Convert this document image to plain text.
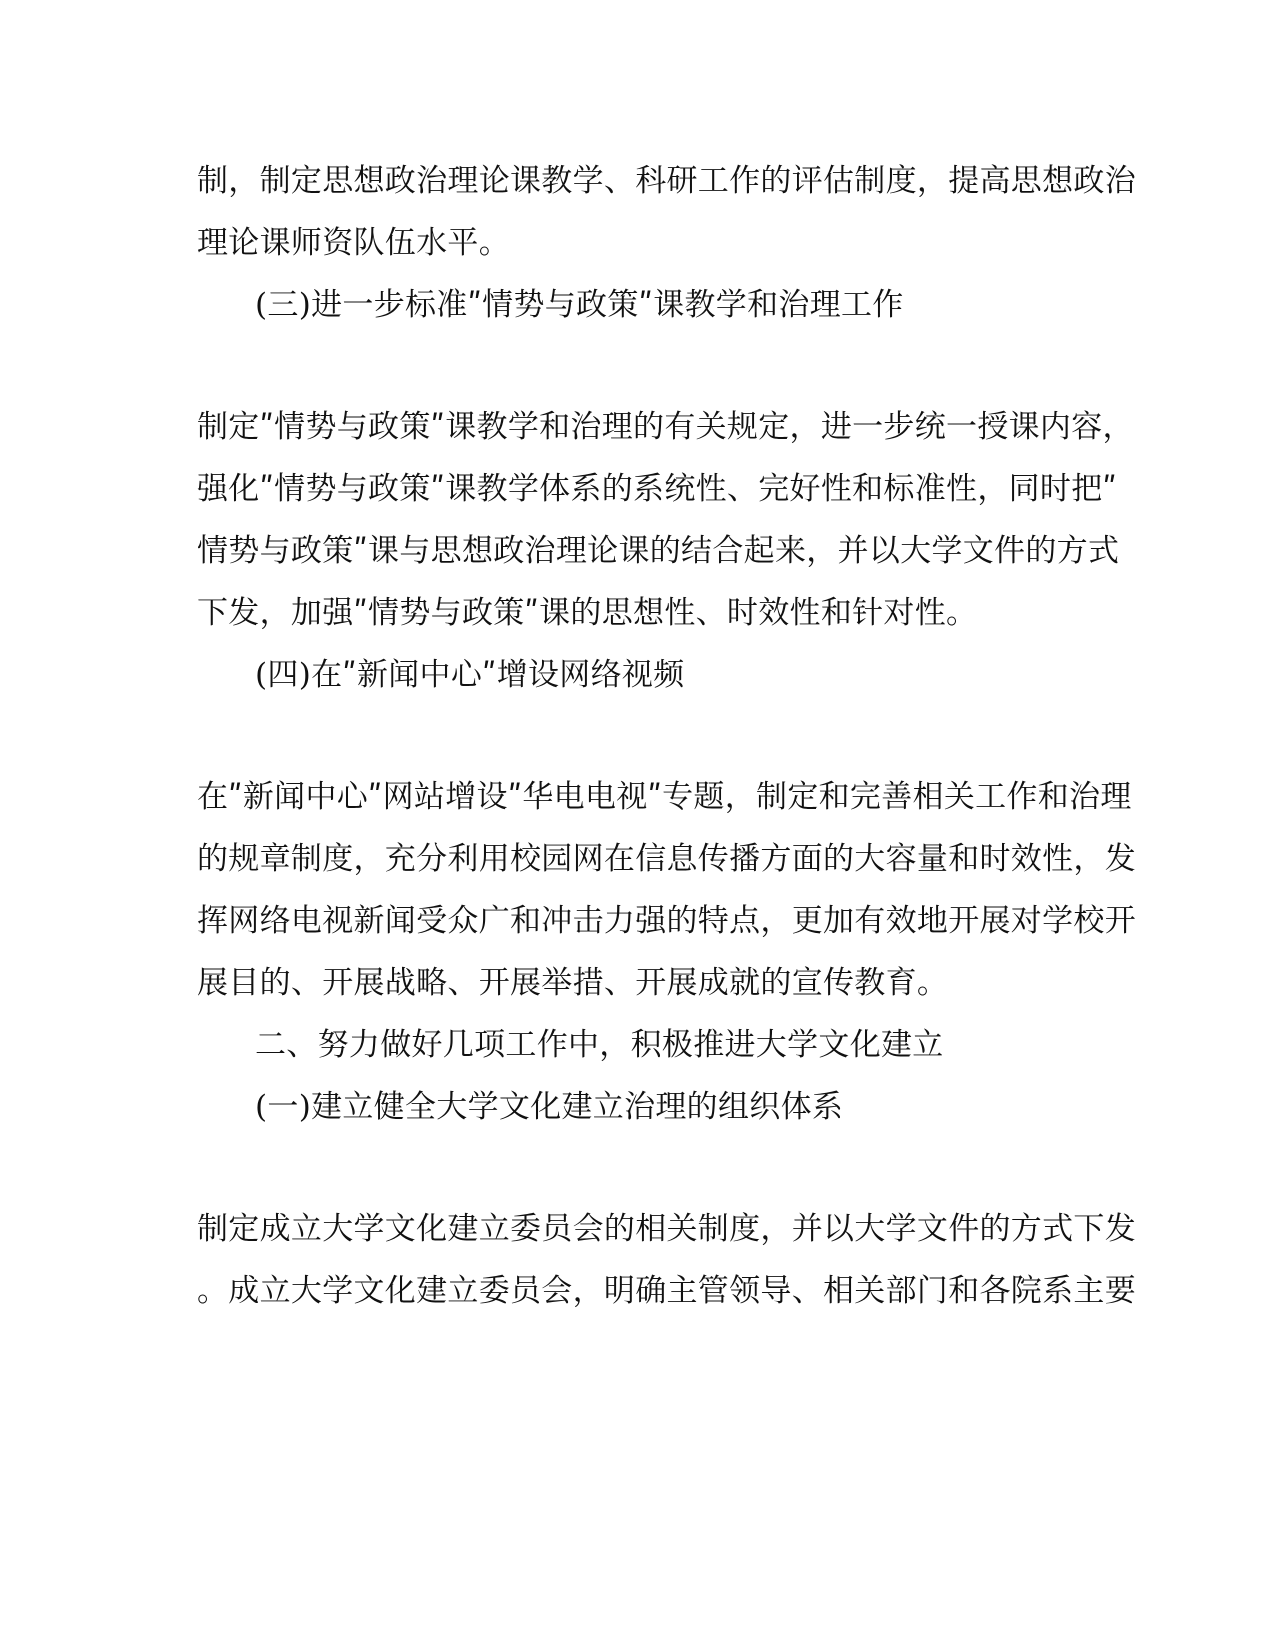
制，制定思想政治理论课教学、科研工作的评估制度，提高思想政治
理论课师资队伍水平。
(三)进一步标准ʺ情势与政策ʺ课教学和治理工作
制定ʺ情势与政策ʺ课教学和治理的有关规定，进一步统一授课内容，
强化ʺ情势与政策ʺ课教学体系的系统性、完好性和标准性，同时把ʺ
情势与政策ʺ课与思想政治理论课的结合起来，并以大学文件的方式
下发，加强ʺ情势与政策ʺ课的思想性、时效性和针对性。
(四)在ʺ新闻中心ʺ增设网络视频
在ʺ新闻中心ʺ网站增设ʺ华电电视ʺ专题，制定和完善相关工作和治理
的规章制度，充分利用校园网在信息传播方面的大容量和时效性，发
挥网络电视新闻受众广和冲击力强的特点，更加有效地开展对学校开
展目的、开展战略、开展举措、开展成就的宣传教育。
二、努力做好几项工作中，积极推进大学文化建立
(一)建立健全大学文化建立治理的组织体系
制定成立大学文化建立委员会的相关制度，并以大学文件的方式下发
。成立大学文化建立委员会，明确主管领导、相关部门和各院系主要
